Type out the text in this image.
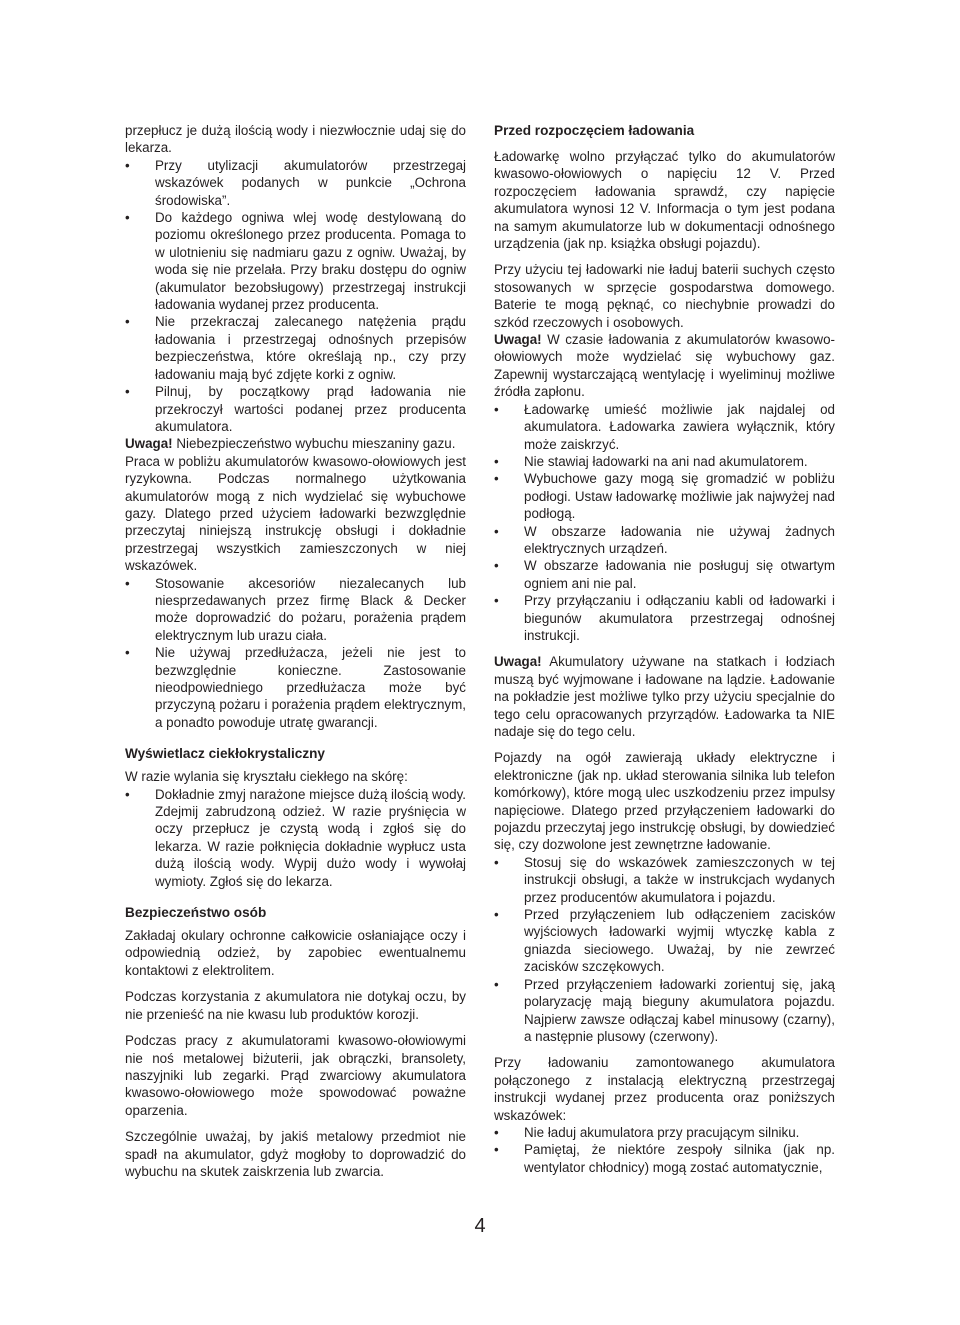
przepłucz je dużą ilością wody i niezwłocznie udaj się do lekarza.

• Przy utylizacji akumulatorów przestrzegaj wskazówek podanych w punkcie „Ochrona środowiska”.
• Do każdego ogniwa wlej wodę destylowaną do poziomu określonego przez producenta. Pomaga to w ulotnieniu się nadmiaru gazu z ogniw. Uważaj, by woda się nie przelała. Przy braku dostępu do ogniw (akumulator bezobsługowy) przestrzegaj instrukcji ładowania wydanej przez producenta.
• Nie przekraczaj zalecanego natężenia prądu ładowania i przestrzegaj odnośnych przepisów bezpieczeństwa, które określają np., czy przy ładowaniu mają być zdjęte korki z ogniw.
• Pilnuj, by początkowy prąd ładowania nie przekroczył wartości podanej przez producenta akumulatora.

Uwaga! Niebezpieczeństwo wybuchu mieszaniny gazu.

Praca w pobliżu akumulatorów kwasowo-ołowiowych jest ryzykowna. Podczas normalnego użytkowania akumulatorów mogą z nich wydzielać się wybuchowe gazy. Dlatego przed użyciem ładowarki bezwzględnie przeczytaj niniejszą instrukcję obsługi i dokładnie przestrzegaj wszystkich zamieszczonych w niej wskazówek.

• Stosowanie akcesoriów niezalecanych lub niesprzedawanych przez firmę Black & Decker może doprowadzić do pożaru, porażenia prądem elektrycznym lub urazu ciała.
• Nie używaj przedłużacza, jeżeli nie jest to bezwzględnie konieczne. Zastosowanie nieodpowiedniego przedłużacza może być przyczyną pożaru i porażenia prądem elektrycznym, a ponadto powoduje utratę gwarancji.
Wyświetlacz ciekłokrystaliczny

W razie wylania się kryształu ciekłego na skórę:

• Dokładnie zmyj narażone miejsce dużą ilością wody. Zdejmij zabrudzoną odzież. W razie pryśnięcia w oczy przepłucz je czystą wodą i zgłoś się do lekarza. W razie połknięcia dokładnie wypłucz usta dużą ilością wody. Wypij dużo wody i wywołaj wymioty. Zgłoś się do lekarza.
Bezpieczeństwo osób

Zakładaj okulary ochronne całkowicie osłaniające oczy i odpowiednią odzież, by zapobiec ewentualnemu kontaktowi z elektrolitem.

Podczas korzystania z akumulatora nie dotykaj oczu, by nie przenieść na nie kwasu lub produktów korozji.

Podczas pracy z akumulatorami kwasowo-ołowiowymi nie noś metalowej biżuterii, jak obrączki, bransolety, naszyjniki lub zegarki. Prąd zwarciowy akumulatora kwasowo-ołowiowego może spowodować poważne oparzenia.

Szczególnie uważaj, by jakiś metalowy przedmiot nie spadł na akumulator, gdyż mogłoby to doprowadzić do wybuchu na skutek zaiskrzenia lub zwarcia.

Przed rozpoczęciem ładowania

Ładowarkę wolno przyłączać tylko do akumulatorów kwasowo-ołowiowych o napięciu 12 V. Przed rozpoczęciem ładowania sprawdź, czy napięcie akumulatora wynosi 12 V. Informacja o tym jest podana na samym akumulatorze lub w dokumentacji odnośnego urządzenia (jak np. książka obsługi pojazdu).

Przy użyciu tej ładowarki nie ładuj baterii suchych często stosowanych w sprzęcie gospodarstwa domowego. Baterie te mogą pęknąć, co niechybnie prowadzi do szkód rzeczowych i osobowych.

Uwaga! W czasie ładowania z akumulatorów kwasowo-ołowiowych może wydzielać się wybuchowy gaz. Zapewnij wystarczającą wentylację i wyeliminuj możliwe źródła zapłonu.

• Ładowarkę umieść możliwie jak najdalej od akumulatora. Ładowarka zawiera wyłącznik, który może zaiskrzyć.
• Nie stawiaj ładowarki na ani nad akumulatorem.
• Wybuchowe gazy mogą się gromadzić w pobliżu podłogi. Ustaw ładowarkę możliwie jak najwyżej nad podłogą.
• W obszarze ładowania nie używaj żadnych elektrycznych urządzeń.
• W obszarze ładowania nie posługuj się otwartym ogniem ani nie pal.
• Przy przyłączaniu i odłączaniu kabli od ładowarki i biegunów akumulatora przestrzegaj odnośnej instrukcji.

Uwaga! Akumulatory używane na statkach i łodziach muszą być wyjmowane i ładowane na lądzie. Ładowanie na pokładzie jest możliwe tylko przy użyciu specjalnie do tego celu opracowanych przyrządów. Ładowarka ta NIE nadaje się do tego celu.

Pojazdy na ogół zawierają układy elektryczne i elektroniczne (jak np. układ sterowania silnika lub telefon komórkowy), które mogą ulec uszkodzeniu przez impulsy napięciowe. Dlatego przed przyłączeniem ładowarki do pojazdu przeczytaj jego instrukcję obsługi, by dowiedzieć się, czy dozwolone jest zewnętrzne ładowanie.

• Stosuj się do wskazówek zamieszczonych w tej instrukcji obsługi, a także w instrukcjach wydanych przez producentów akumulatora i pojazdu.
• Przed przyłączeniem lub odłączeniem zacisków wyjściowych ładowarki wyjmij wtyczkę kabla z gniazda sieciowego. Uważaj, by nie zewrzeć zacisków szczękowych.
• Przed przyłączeniem ładowarki zorientuj się, jaką polaryzację mają bieguny akumulatora pojazdu. Najpierw zawsze odłączaj kabel minusowy (czarny), a następnie plusowy (czerwony).

Przy ładowaniu zamontowanego akumulatora połączonego z instalacją elektryczną przestrzegaj instrukcji wydanej przez producenta oraz poniższych wskazówek:

• Nie ładuj akumulatora przy pracującym silniku.
• Pamiętaj, że niektóre zespoły silnika (jak np. wentylator chłodnicy) mogą zostać automatycznie,
4
